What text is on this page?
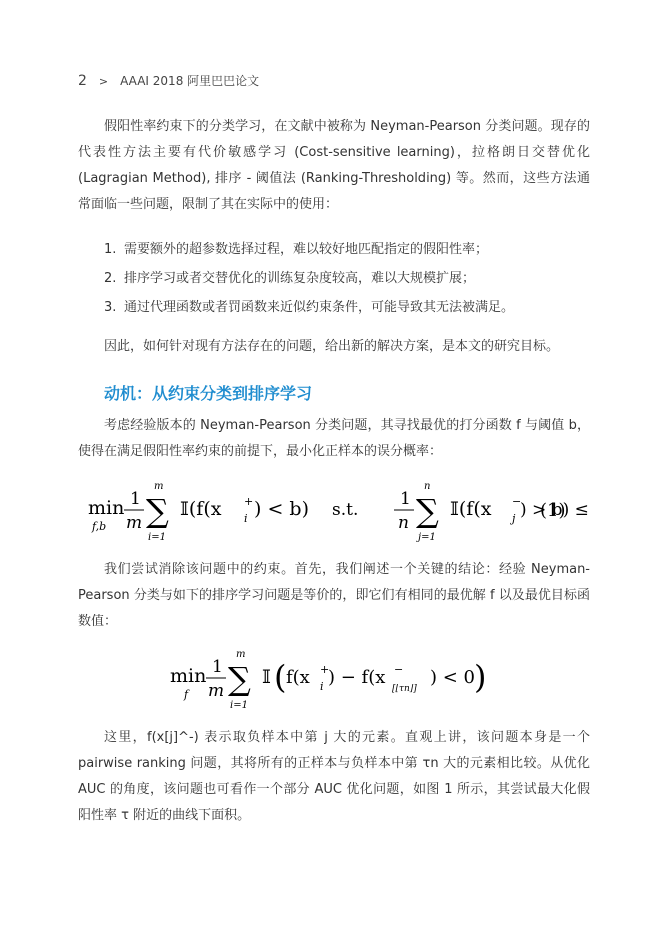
2 > AAAI 2018 阿里巴巴论文

假阳性率约束下的分类学习，在文献中被称为 Neyman-Pearson 分类问题。现存的代表性方法主要有代价敏感学习 (Cost-sensitive learning)，拉格朗日交替优化 (Lagragian Method), 排序 - 阈值法 (Ranking-Thresholding) 等。然而，这些方法通常面临一些问题，限制了其在实际中的使用：

1. 需要额外的超参数选择过程，难以较好地匹配指定的假阳性率；
2. 排序学习或者交替优化的训练复杂度较高，难以大规模扩展；
3. 通过代理函数或者罚函数来近似约束条件，可能导致其无法被满足。

因此，如何针对现有方法存在的问题，给出新的解决方案，是本文的研究目标。

动机：从约束分类到排序学习

考虑经验版本的 Neyman-Pearson 分类问题，其寻找最优的打分函数 f 与阈值 b，使得在满足假阳性率约束的前提下，最小化正样本的误分概率：

min
f,b
1
m
m
∑
i=1
𝕀(f(x +
i ) < b) s.t.
1
n
n
∑
j=1
𝕀(f(x −
j ) > b) ≤
(1)

我们尝试消除该问题中的约束。首先，我们阐述一个关键的结论：经验 Neyman-Pearson 分类与如下的排序学习问题是等价的，即它们有相同的最优解 f 以及最优目标函数值：

min
f
1
m
m
∑
i=1
𝕀 ( f(x +
i ) − f(x −
[⌊τn⌋]
) < 0 )

这里，f(x[j]^-) 表示取负样本中第 j 大的元素。直观上讲，该问题本身是一个 pairwise ranking 问题，其将所有的正样本与负样本中第 τn 大的元素相比较。从优化 AUC 的角度，该问题也可看作一个部分 AUC 优化问题，如图 1 所示，其尝试最大化假阳性率 τ 附近的曲线下面积。
